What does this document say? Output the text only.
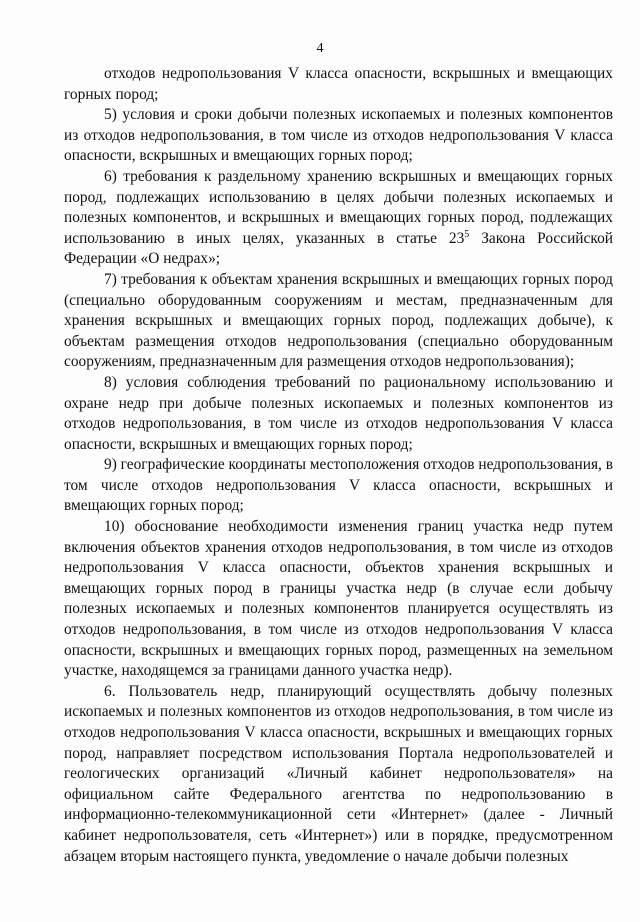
4

отходов недропользования V класса опасности, вскрышных и вмещающих горных пород;

5) условия и сроки добычи полезных ископаемых и полезных компонентов из отходов недропользования, в том числе из отходов недропользования V класса опасности, вскрышных и вмещающих горных пород;

6) требования к раздельному хранению вскрышных и вмещающих горных пород, подлежащих использованию в целях добычи полезных ископаемых и полезных компонентов, и вскрышных и вмещающих горных пород, подлежащих использованию в иных целях, указанных в статье $23^5$ Закона Российской Федерации «О недрах»;

7) требования к объектам хранения вскрышных и вмещающих горных пород (специально оборудованным сооружениям и местам, предназначенным для хранения вскрышных и вмещающих горных пород, подлежащих добыче), к объектам размещения отходов недропользования (специально оборудованным сооружениям, предназначенным для размещения отходов недропользования);

8) условия соблюдения требований по рациональному использованию и охране недр при добыче полезных ископаемых и полезных компонентов из отходов недропользования, в том числе из отходов недропользования V класса опасности, вскрышных и вмещающих горных пород;

9) географические координаты местоположения отходов недропользования, в том числе отходов недропользования V класса опасности, вскрышных и вмещающих горных пород;

10) обоснование необходимости изменения границ участка недр путем включения объектов хранения отходов недропользования, в том числе из отходов недропользования V класса опасности, объектов хранения вскрышных и вмещающих горных пород в границы участка недр (в случае если добычу полезных ископаемых и полезных компонентов планируется осуществлять из отходов недропользования, в том числе из отходов недропользования V класса опасности, вскрышных и вмещающих горных пород, размещенных на земельном участке, находящемся за границами данного участка недр).

6. Пользователь недр, планирующий осуществлять добычу полезных ископаемых и полезных компонентов из отходов недропользования, в том числе из отходов недропользования V класса опасности, вскрышных и вмещающих горных пород, направляет посредством использования Портала недропользователей и геологических организаций «Личный кабинет недропользователя» на официальном сайте Федерального агентства по недропользованию в информационно-телекоммуникационной сети «Интернет» (далее - Личный кабинет недропользователя, сеть «Интернет») или в порядке, предусмотренном абзацем вторым настоящего пункта, уведомление о начале добычи полезных
